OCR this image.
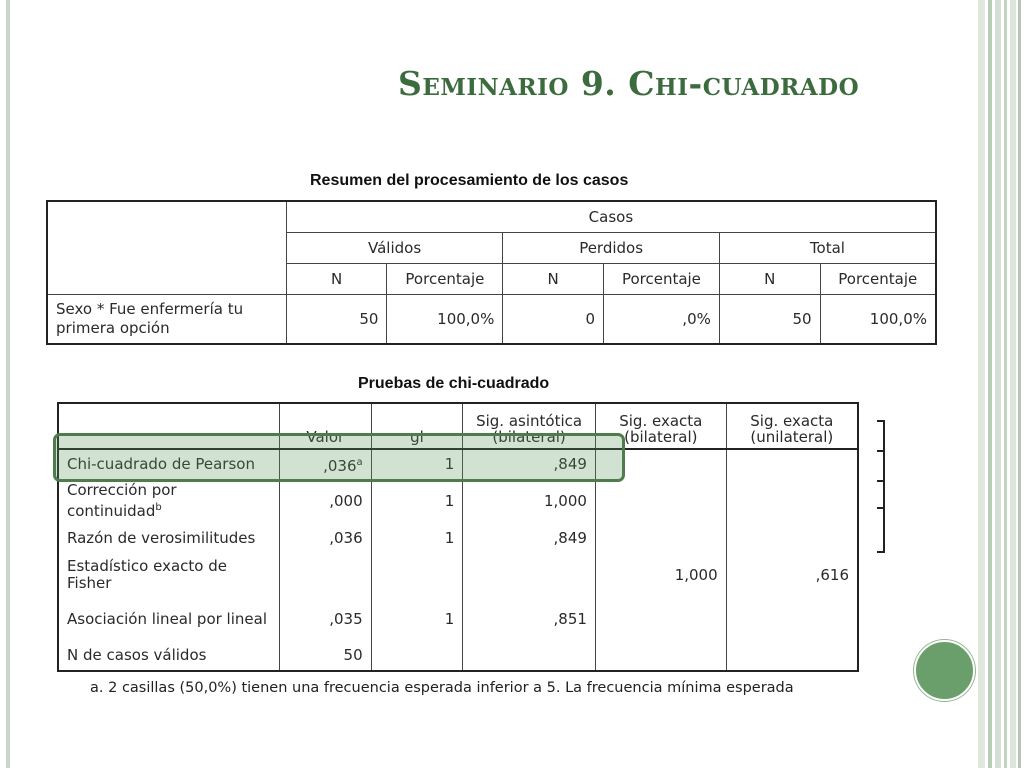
Seminario 9. Chi-cuadrado
Resumen del procesamiento de los casos
	Casos					
	Válidos		Perdidos		Total	
	N	Porcentaje	N	Porcentaje	N	Porcentaje
Sexo * Fue enfermería tu primera opción	50	100,0%	0	,0%	50	100,0%
Pruebas de chi-cuadrado
	Valor	gl	Sig. asintótica (bilateral)	Sig. exacta (bilateral)	Sig. exacta (unilateral)
Chi-cuadrado de Pearson	,036$^a$	1	,849		
Corrección por continuidad$^b$	,000	1	1,000		
Razón de verosimilitudes	,036	1	,849		
Estadístico exacto de Fisher				1,000	,616
Asociación lineal por lineal	,035	1	,851		
N de casos válidos	50				
a. 2 casillas (50,0%) tienen una frecuencia esperada inferior a 5. La frecuencia mínima esperada
